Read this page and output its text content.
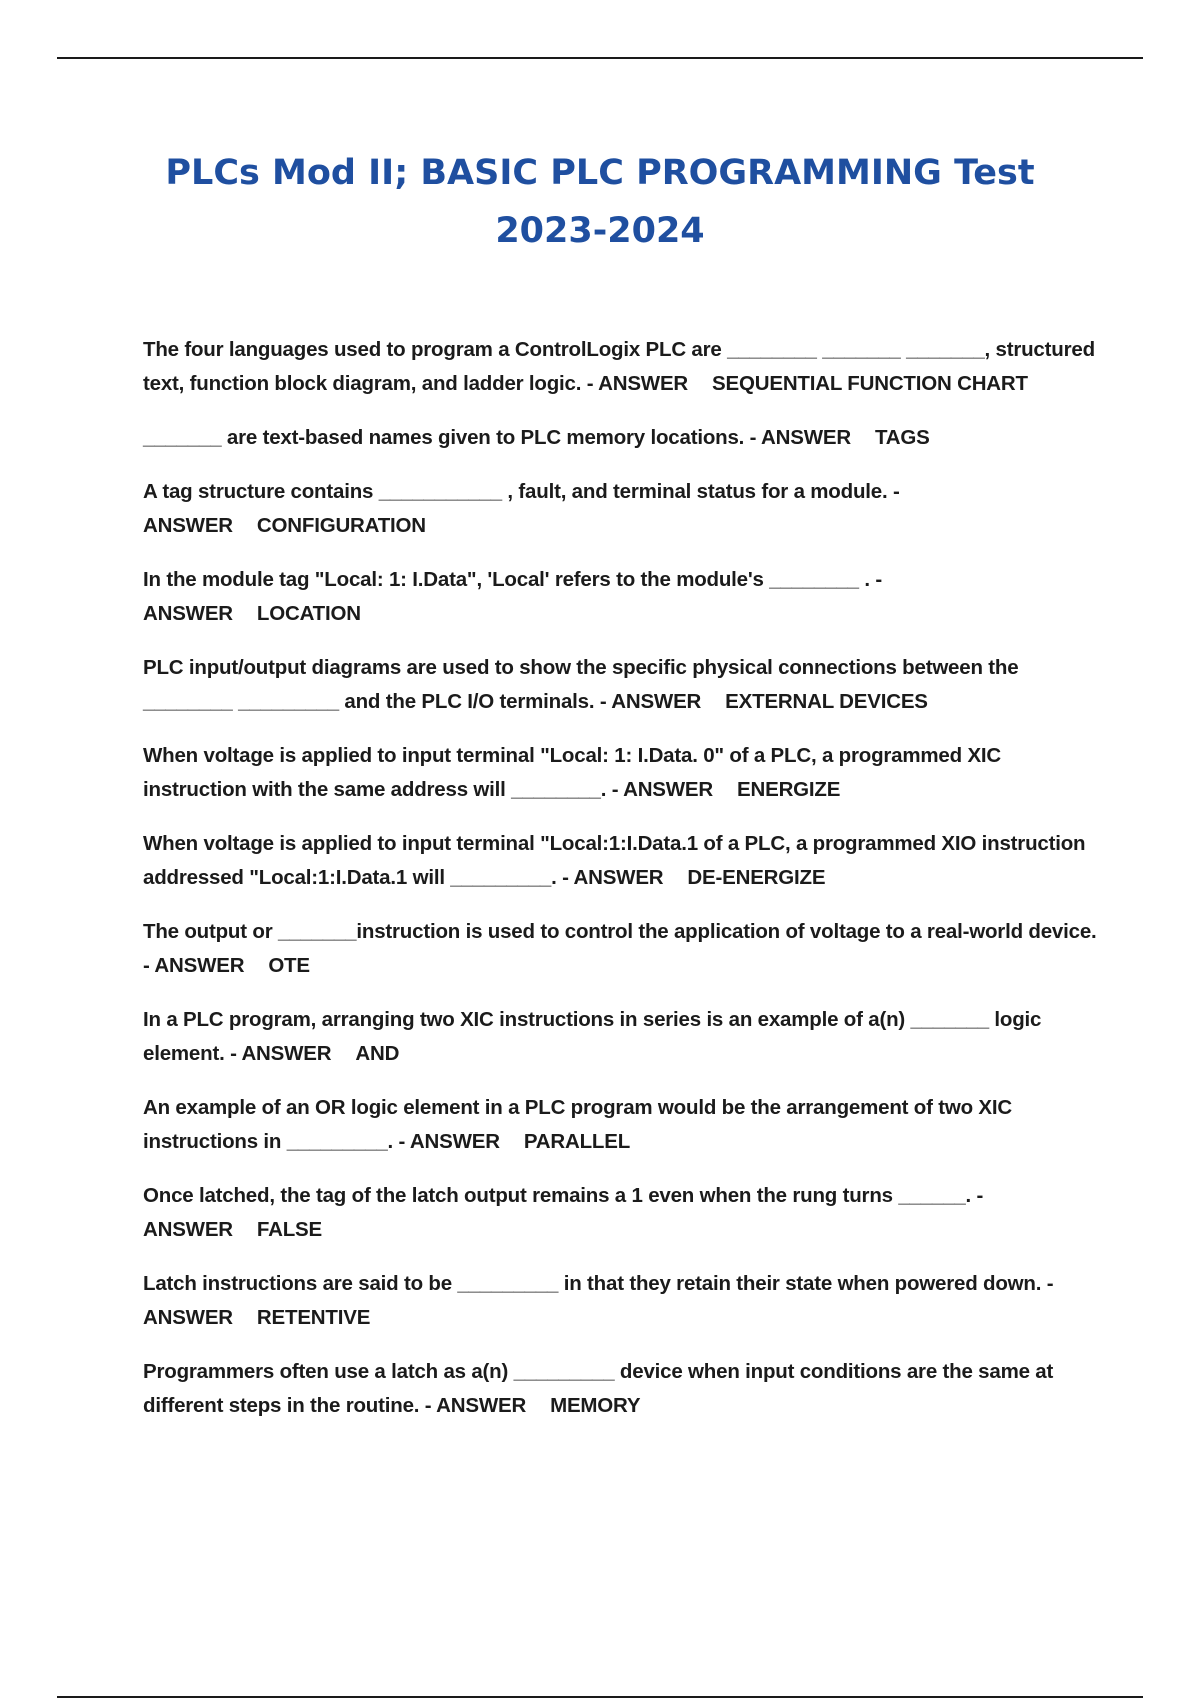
PLCs Mod II; BASIC PLC PROGRAMMING Test
2023-2024
The four languages used to program a ControlLogix PLC are ________ _______ _______, structured text, function block diagram, and ladder logic. - ANSWER SEQUENTIAL FUNCTION CHART
_______ are text-based names given to PLC memory locations. - ANSWER TAGS
A tag structure contains ___________ , fault, and terminal status for a module. - ANSWER CONFIGURATION
In the module tag "Local: 1: I.Data", 'Local' refers to the module's ________ . - ANSWER LOCATION
PLC input/output diagrams are used to show the specific physical connections between the ________ _________ and the PLC I/O terminals. - ANSWER EXTERNAL DEVICES
When voltage is applied to input terminal "Local: 1: I.Data. 0" of a PLC, a programmed XIC instruction with the same address will ________. - ANSWER ENERGIZE
When voltage is applied to input terminal "Local:1:I.Data.1 of a PLC, a programmed XIO instruction addressed "Local:1:I.Data.1 will _________. - ANSWER DE-ENERGIZE
The output or _______instruction is used to control the application of voltage to a real-world device. - ANSWER OTE
In a PLC program, arranging two XIC instructions in series is an example of a(n) _______ logic element. - ANSWER AND
An example of an OR logic element in a PLC program would be the arrangement of two XIC instructions in _________. - ANSWER PARALLEL
Once latched, the tag of the latch output remains a 1 even when the rung turns ______. - ANSWER FALSE
Latch instructions are said to be _________ in that they retain their state when powered down. - ANSWER RETENTIVE
Programmers often use a latch as a(n) _________ device when input conditions are the same at different steps in the routine. - ANSWER MEMORY
